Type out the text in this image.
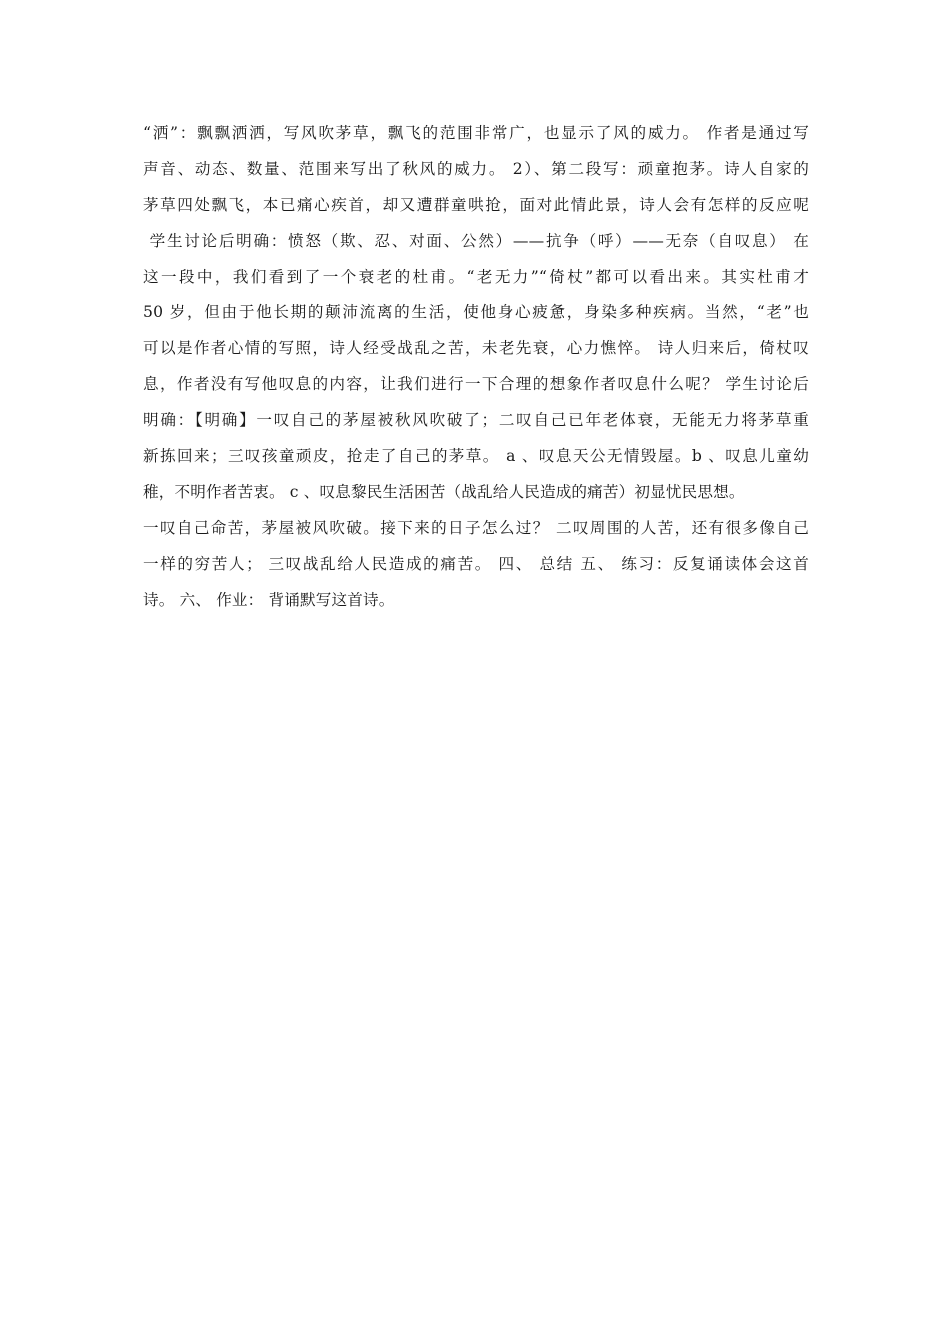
“洒”：飘飘洒洒，写风吹茅草，飘飞的范围非常广，也显示了风的威力。 作者是通过写
声音、动态、数量、范围来写出了秋风的威力。 2）、第二段写：顽童抱茅。诗人自家的
茅草四处飘飞，本已痛心疾首，却又遭群童哄抢，面对此情此景，诗人会有怎样的反应呢
学生讨论后明确：愤怒（欺、忍、对面、公然）——抗争（呼）——无奈（自叹息） 在
这一段中，我们看到了一个衰老的杜甫。“老无力”“倚杖”都可以看出来。其实杜甫才
50 岁，但由于他长期的颠沛流离的生活，使他身心疲惫，身染多种疾病。当然，“老”也
可以是作者心情的写照，诗人经受战乱之苦，未老先衰，心力憔悴。 诗人归来后，倚杖叹
息，作者没有写他叹息的内容，让我们进行一下合理的想象作者叹息什么呢？ 学生讨论后
明确：【明确】一叹自己的茅屋被秋风吹破了；二叹自己已年老体衰，无能无力将茅草重
新拣回来；三叹孩童顽皮，抢走了自己的茅草。 a 、叹息天公无情毁屋。b 、叹息儿童幼
稚，不明作者苦衷。 c 、叹息黎民生活困苦（战乱给人民造成的痛苦）初显忧民思想。
一叹自己命苦，茅屋被风吹破。接下来的日子怎么过？ 二叹周围的人苦，还有很多像自己
一样的穷苦人； 三叹战乱给人民造成的痛苦。 四、 总结 五、 练习：反复诵读体会这首
诗。 六、 作业： 背诵默写这首诗。
